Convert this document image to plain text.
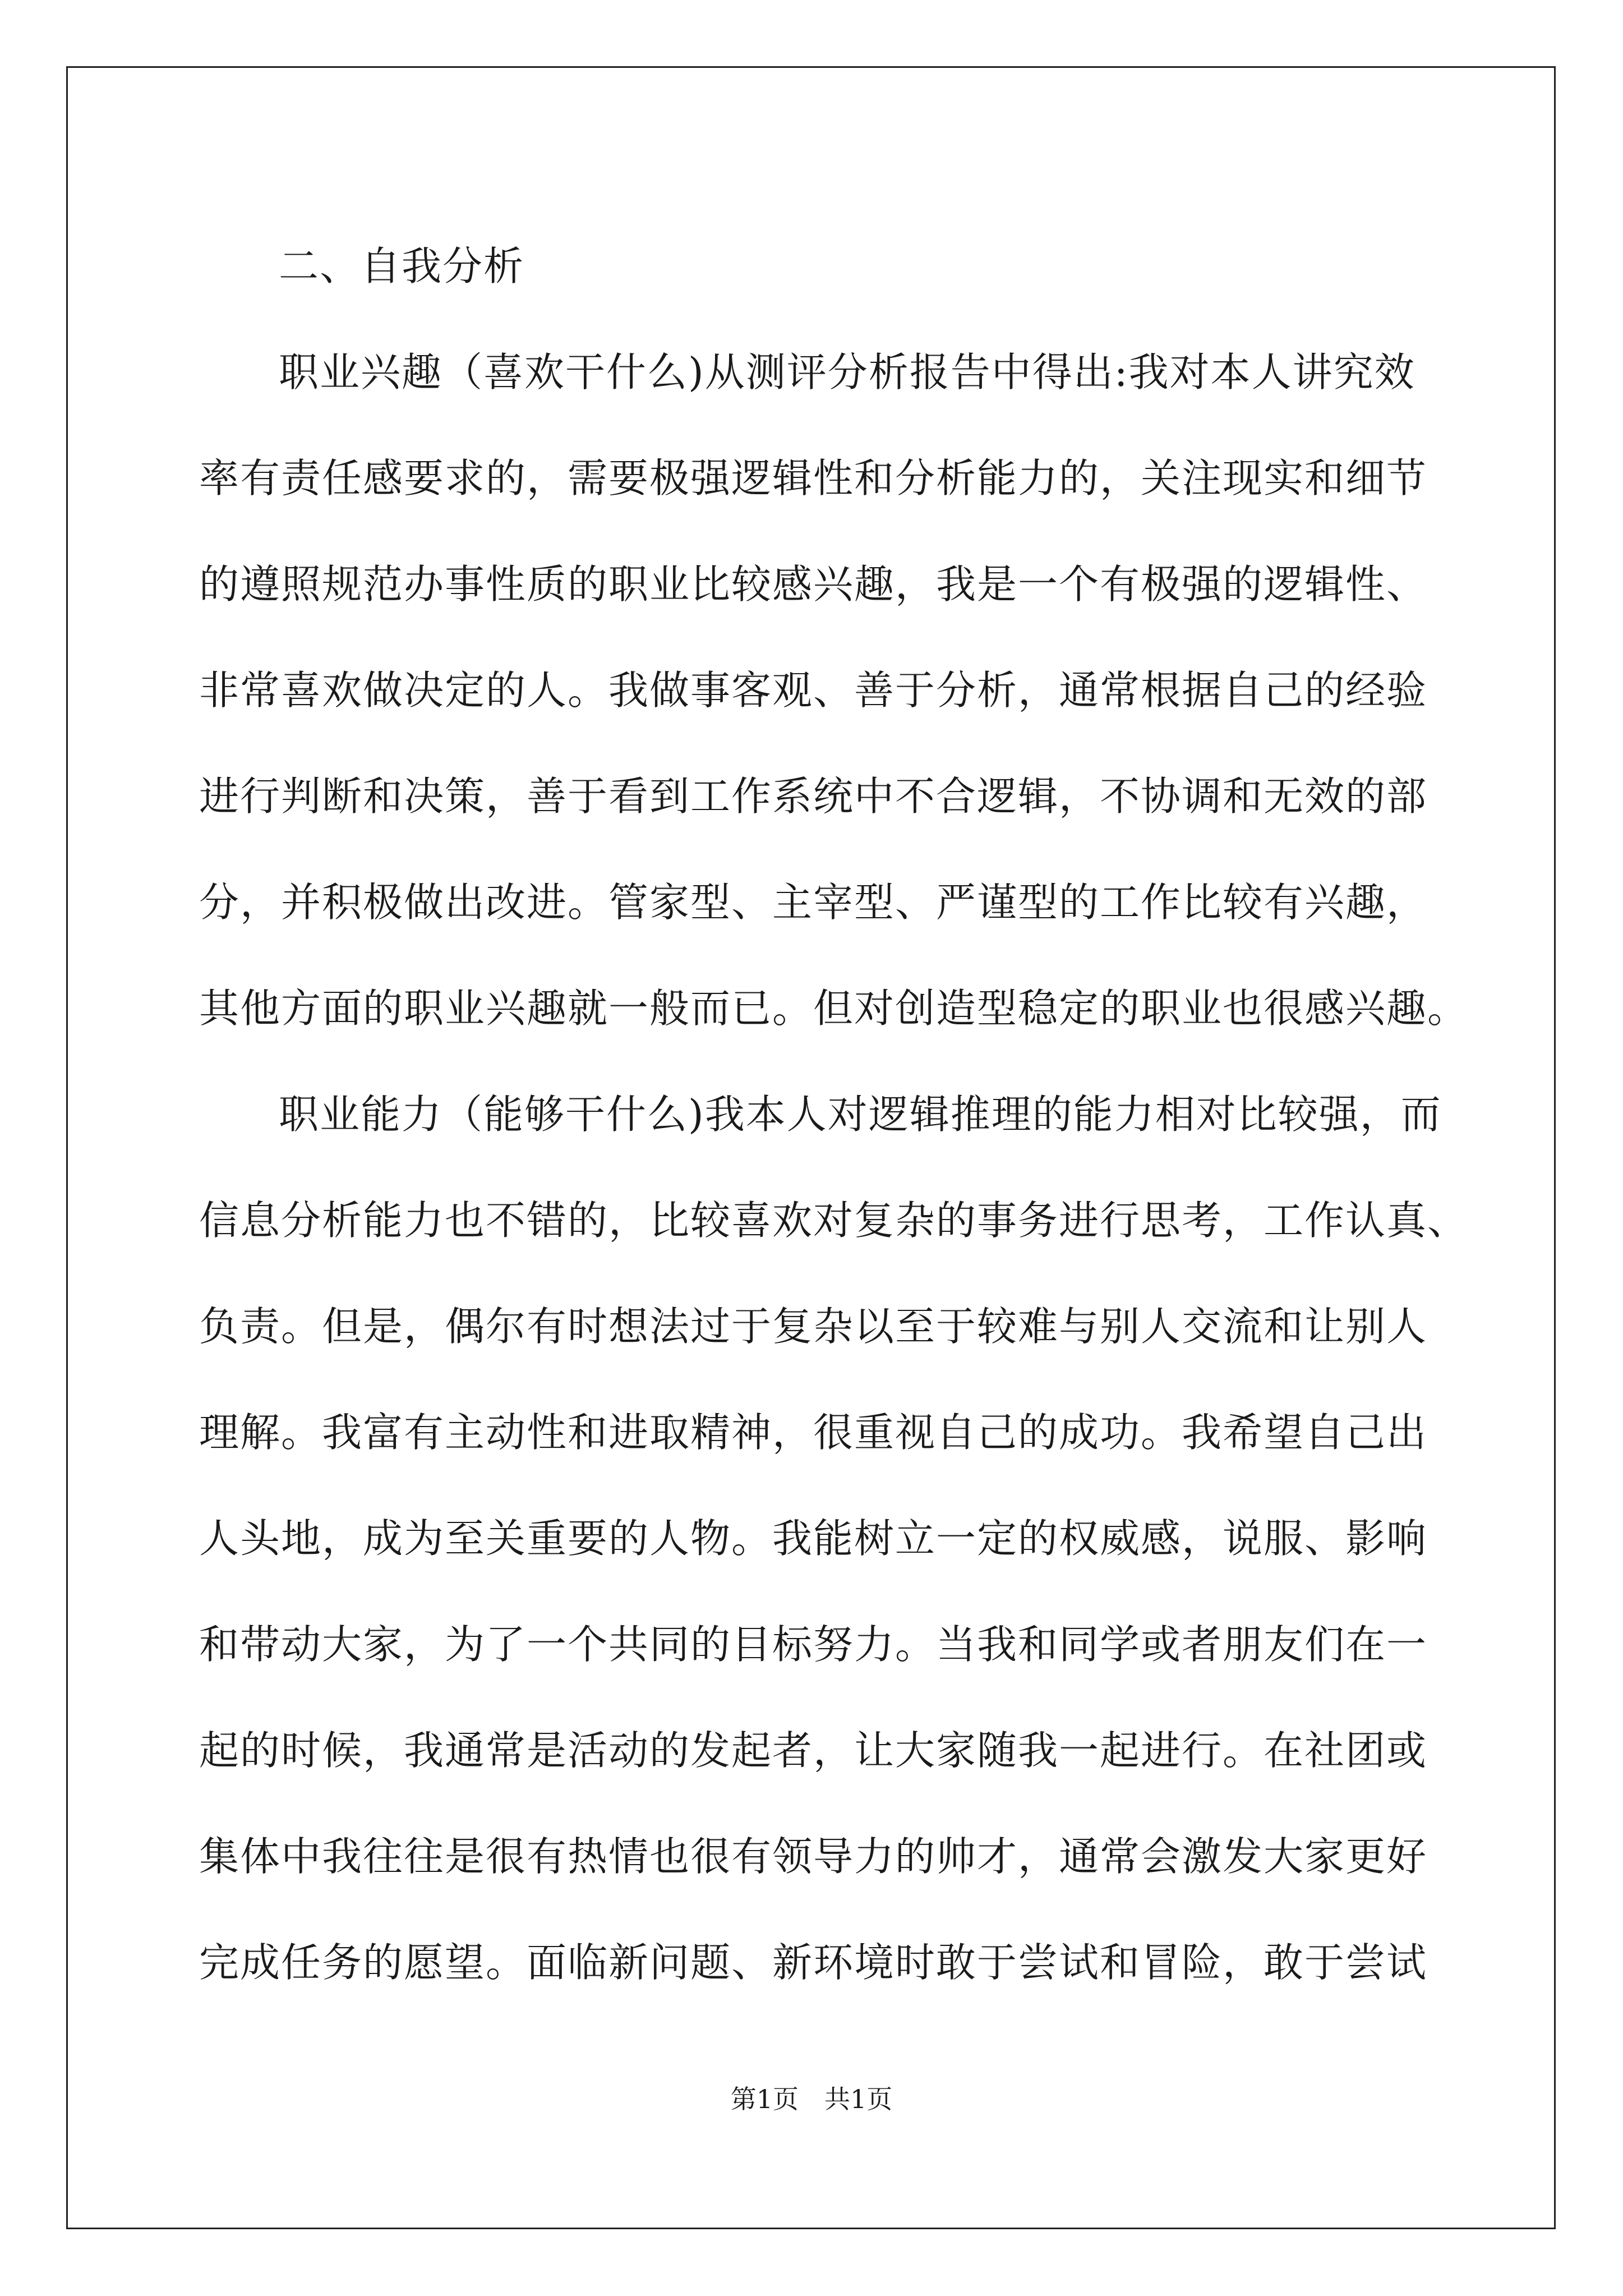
二、自我分析
职业兴趣（喜欢干什么)从测评分析报告中得出:我对本人讲究效
率有责任感要求的，需要极强逻辑性和分析能力的，关注现实和细节
的遵照规范办事性质的职业比较感兴趣，我是一个有极强的逻辑性、
非常喜欢做决定的人。我做事客观、善于分析，通常根据自己的经验
进行判断和决策，善于看到工作系统中不合逻辑，不协调和无效的部
分，并积极做出改进。管家型、主宰型、严谨型的工作比较有兴趣，
其他方面的职业兴趣就一般而已。但对创造型稳定的职业也很感兴趣。
职业能力（能够干什么)我本人对逻辑推理的能力相对比较强，而
信息分析能力也不错的，比较喜欢对复杂的事务进行思考，工作认真、
负责。但是，偶尔有时想法过于复杂以至于较难与别人交流和让别人
理解。我富有主动性和进取精神，很重视自己的成功。我希望自己出
人头地，成为至关重要的人物。我能树立一定的权威感，说服、影响
和带动大家，为了一个共同的目标努力。当我和同学或者朋友们在一
起的时候，我通常是活动的发起者，让大家随我一起进行。在社团或
集体中我往往是很有热情也很有领导力的帅才，通常会激发大家更好
完成任务的愿望。面临新问题、新环境时敢于尝试和冒险，敢于尝试
第1页 共1页
